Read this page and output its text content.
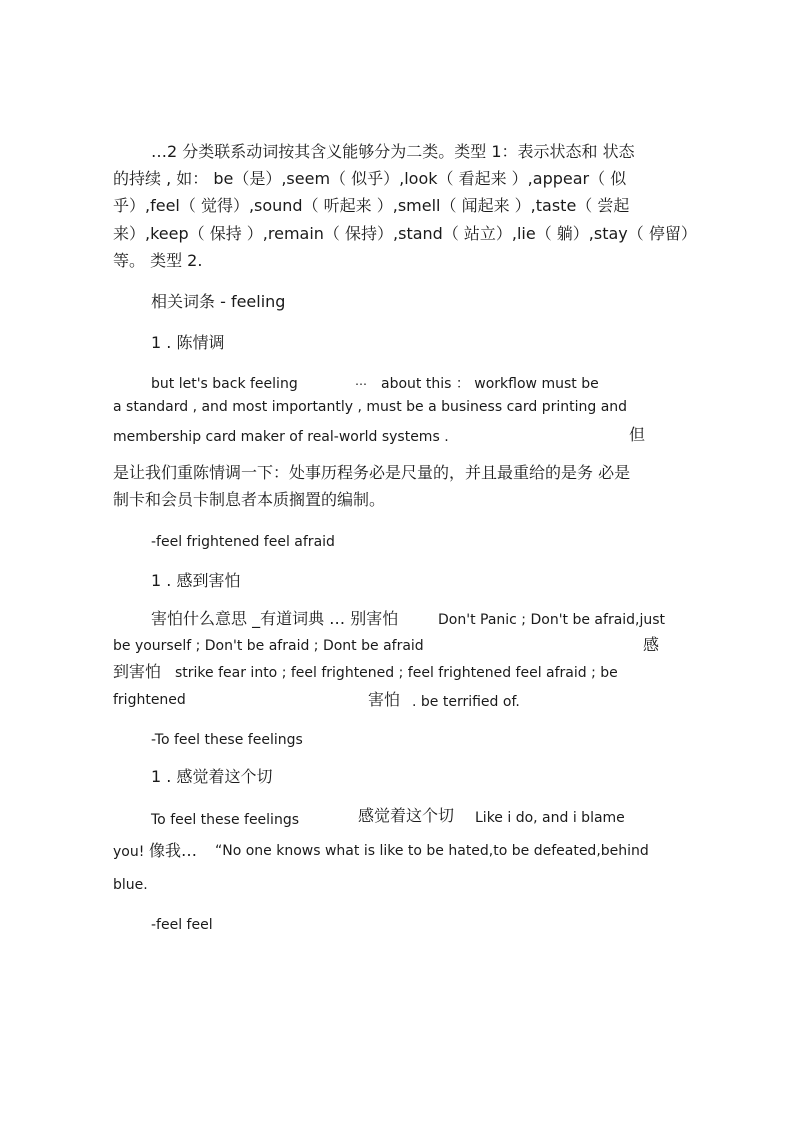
…2 分类联系动词按其含义能够分为二类。类型 1：表示状态和 状态
的持续 , 如： be（是）,seem（ 似乎）,look（ 看起来 ）,appear（ 似
乎）,feel（ 觉得）,sound（ 听起来 ）,smell（ 闻起来 ）,taste（ 尝起
来）,keep（ 保持 ）,remain（ 保持）,stand（ 站立）,lie（ 躺）,stay（ 停留）
等。 类型 2.
相关词条 - feeling
1 . 陈情调
but let's back feeling	… about this ： workflow must be
a standard , and most importantly , must be a business card printing and
membership card maker of real-world systems .	但
是让我们重陈情调一下：处事历程务必是尺量的，并且最重给的是务 必是
制卡和会员卡制息者本质搁置的编制。
-feel frightened feel afraid
1 . 感到害怕
害怕什么意思 _有道词典 … 别害怕	Don't Panic ; Don't be afraid,just
be yourself ; Don't be afraid ; Dont be afraid	感
到害怕 strike fear into ; feel frightened ; feel frightened feel afraid ; be
frightened	害怕 . be terrified of.
-To feel these feelings
1 . 感觉着这个切
To feel these feelings	感觉着这个切 Like i do, and i blame
you! 像我… “No one knows what is like to be hated,to be defeated,behind
blue.
-feel feel
